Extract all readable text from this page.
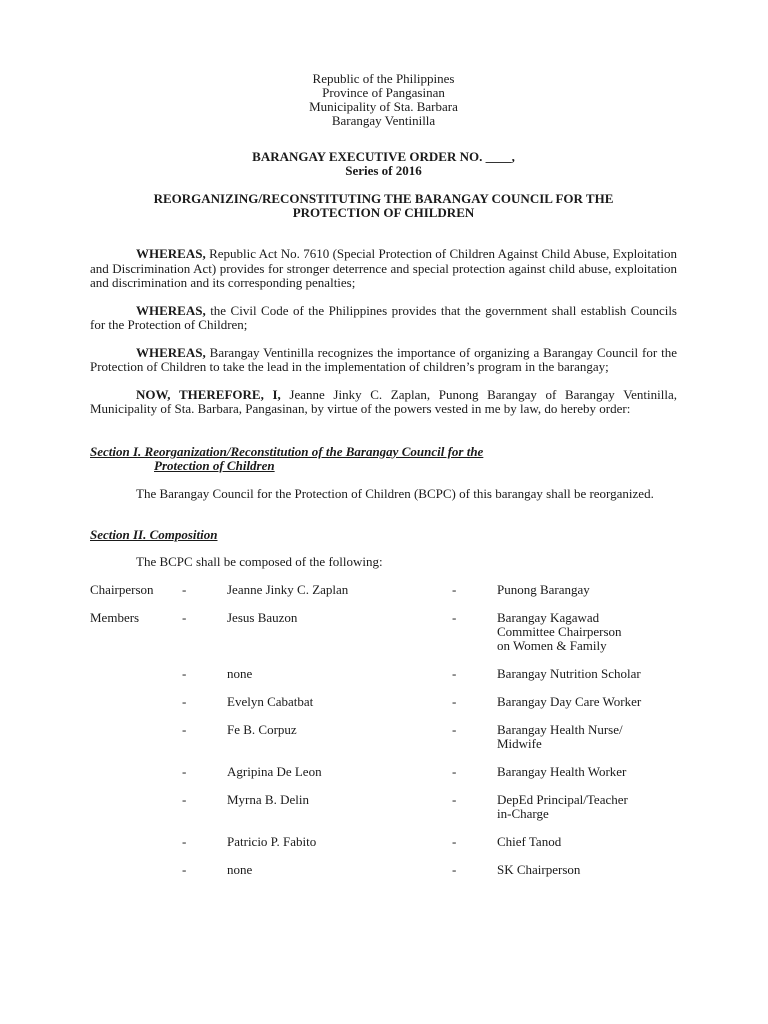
Republic of the Philippines
Province of Pangasinan
Municipality of Sta. Barbara
Barangay Ventinilla
BARANGAY EXECUTIVE ORDER NO. ____,
Series of 2016
REORGANIZING/RECONSTITUTING THE BARANGAY COUNCIL FOR THE
PROTECTION OF CHILDREN

WHEREAS, Republic Act No. 7610 (Special Protection of Children Against Child Abuse, Exploitation and Discrimination Act) provides for stronger deterrence and special protection against child abuse, exploitation and discrimination and its corresponding penalties;

WHEREAS, the Civil Code of the Philippines provides that the government shall establish Councils for the Protection of Children;

WHEREAS, Barangay Ventinilla recognizes the importance of organizing a Barangay Council for the Protection of Children to take the lead in the implementation of children’s program in the barangay;

NOW, THEREFORE, I, Jeanne Jinky C. Zaplan, Punong Barangay of Barangay Ventinilla, Municipality of Sta. Barbara, Pangasinan, by virtue of the powers vested in me by law, do hereby order:

Section I. Reorganization/Reconstitution of the Barangay Council for the
Protection of Children

The Barangay Council for the Protection of Children (BCPC) of this barangay shall be reorganized.

Section II. Composition
The BCPC shall be composed of the following:
Chairperson	-	Jeanne Jinky C. Zaplan	-	Punong Barangay
Members	-	Jesus Bauzon	-	Barangay Kagawad
Committee Chairperson
on Women & Family
-	none	-	Barangay Nutrition Scholar
-	Evelyn Cabatbat	-	Barangay Day Care Worker
-	Fe B. Corpuz	-	Barangay Health Nurse/
Midwife
-	Agripina De Leon	-	Barangay Health Worker
-	Myrna B. Delin	-	DepEd Principal/Teacher
in-Charge
-	Patricio P. Fabito	-	Chief Tanod
-	none	-	SK Chairperson
